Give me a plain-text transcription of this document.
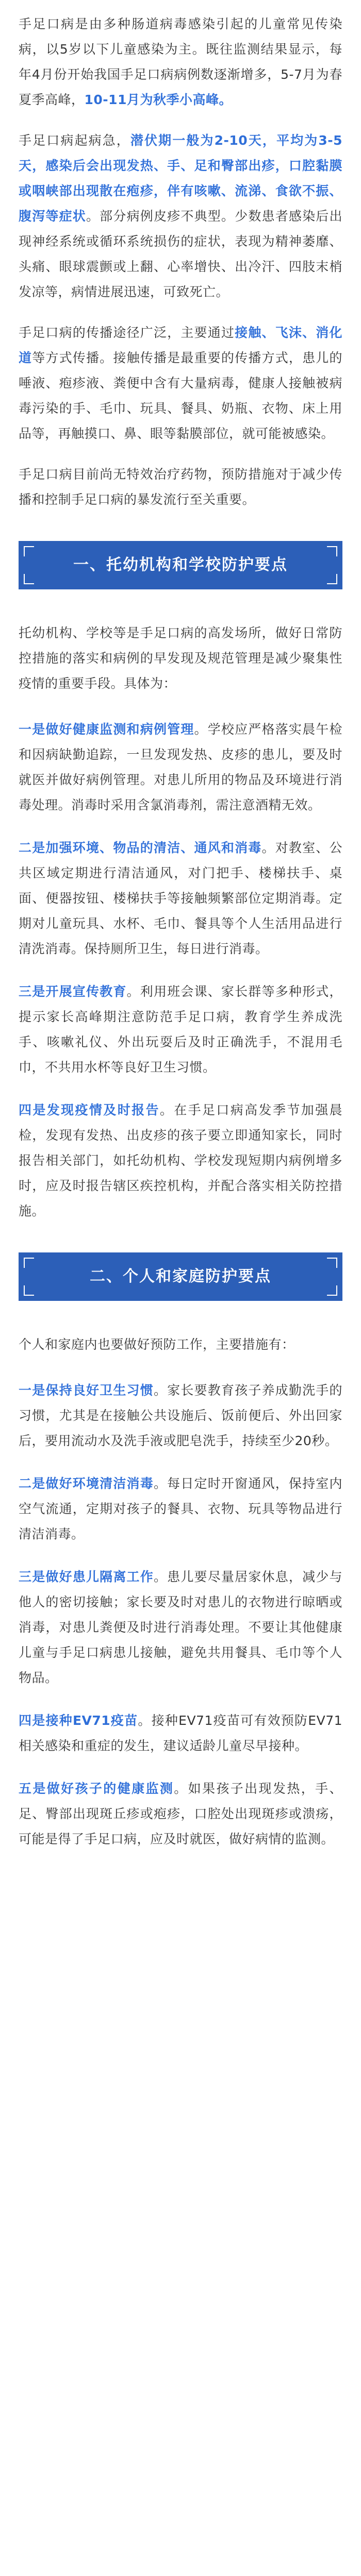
手足口病是由多种肠道病毒感染引起的儿童常见传染病，以5岁以下儿童感染为主。既往监测结果显示，每年4月份开始我国手足口病病例数逐渐增多，5-7月为春夏季高峰，10-11月为秋季小高峰。

手足口病起病急，潜伏期一般为2-10天，平均为3-5天，感染后会出现发热、手、足和臀部出疹，口腔黏膜或咽峡部出现散在疱疹，伴有咳嗽、流涕、食欲不振、腹泻等症状。部分病例皮疹不典型。少数患者感染后出现神经系统或循环系统损伤的症状，表现为精神萎靡、头痛、眼球震颤或上翻、心率增快、出冷汗、四肢末梢发凉等，病情进展迅速，可致死亡。

手足口病的传播途径广泛，主要通过接触、飞沫、消化道等方式传播。接触传播是最重要的传播方式，患儿的唾液、疱疹液、粪便中含有大量病毒，健康人接触被病毒污染的手、毛巾、玩具、餐具、奶瓶、衣物、床上用品等，再触摸口、鼻、眼等黏膜部位，就可能被感染。

手足口病目前尚无特效治疗药物，预防措施对于减少传播和控制手足口病的暴发流行至关重要。

一、托幼机构和学校防护要点

托幼机构、学校等是手足口病的高发场所，做好日常防控措施的落实和病例的早发现及规范管理是减少聚集性疫情的重要手段。具体为：

一是做好健康监测和病例管理。学校应严格落实晨午检和因病缺勤追踪，一旦发现发热、皮疹的患儿，要及时就医并做好病例管理。对患儿所用的物品及环境进行消毒处理。消毒时采用含氯消毒剂，需注意酒精无效。

二是加强环境、物品的清洁、通风和消毒。对教室、公共区域定期进行清洁通风，对门把手、楼梯扶手、桌面、便器按钮、楼梯扶手等接触频繁部位定期消毒。定期对儿童玩具、水杯、毛巾、餐具等个人生活用品进行清洗消毒。保持厕所卫生，每日进行消毒。

三是开展宣传教育。利用班会课、家长群等多种形式，提示家长高峰期注意防范手足口病，教育学生养成洗手、咳嗽礼仪、外出玩耍后及时正确洗手，不混用毛巾，不共用水杯等良好卫生习惯。

四是发现疫情及时报告。在手足口病高发季节加强晨检，发现有发热、出皮疹的孩子要立即通知家长，同时报告相关部门，如托幼机构、学校发现短期内病例增多时，应及时报告辖区疾控机构，并配合落实相关防控措施。

二、个人和家庭防护要点

个人和家庭内也要做好预防工作，主要措施有：

一是保持良好卫生习惯。家长要教育孩子养成勤洗手的习惯，尤其是在接触公共设施后、饭前便后、外出回家后，要用流动水及洗手液或肥皂洗手，持续至少20秒。

二是做好环境清洁消毒。每日定时开窗通风，保持室内空气流通，定期对孩子的餐具、衣物、玩具等物品进行清洁消毒。

三是做好患儿隔离工作。患儿要尽量居家休息，减少与他人的密切接触；家长要及时对患儿的衣物进行晾晒或消毒，对患儿粪便及时进行消毒处理。不要让其他健康儿童与手足口病患儿接触，避免共用餐具、毛巾等个人物品。

四是接种EV71疫苗。接种EV71疫苗可有效预防EV71相关感染和重症的发生，建议适龄儿童尽早接种。

五是做好孩子的健康监测。如果孩子出现发热，手、足、臀部出现斑丘疹或疱疹，口腔处出现斑疹或溃疡，可能是得了手足口病，应及时就医，做好病情的监测。
